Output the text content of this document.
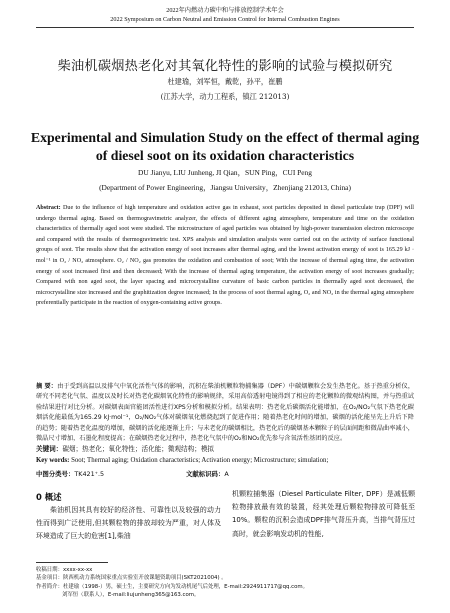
2022年内燃动力碳中和与排放控制学术年会
2022 Symposium on Carbon Neutral and Emission Control for Internal Combustion Engines
柴油机碳烟热老化对其氧化特性的影响的试验与模拟研究
杜建瑜，刘军恒，戴乾，孙平，崔鹏
(江苏大学，动力工程系，镇江 212013)
Experimental and Simulation Study on the effect of thermal aging of diesel soot on its oxidation characteristics
DU Jianyu, LIU Junheng, JI Qian，SUN Ping，CUI Peng
(Department of Power Engineering，Jiangsu University，Zhenjiang 212013, China)
Abstract: Due to the influence of high temperature and oxidation active gas in exhaust, soot particles deposited in diesel particulate trap (DPF) will undergo thermal aging. Based on thermogravimetric analyzer, the effects of different aging atmosphere, temperature and time on the oxidation characteristics of thermally aged soot were studied. The microstructure of aged particles was obtained by high-power transmission electron microscope and compared with the results of thermogravimetric test. XPS analysis and simulation analysis were carried out on the activity of surface functional groups of soot. The results show that the activation energy of soot increases after thermal aging, and the lowest activation energy of soot is 165.29 kJ · mol⁻¹ in O₂ / NO₂ atmosphere. O₂ / NO₂ gas promotes the oxidation and combustion of soot; With the increase of thermal aging time, the activation energy of soot increased first and then decreased; With the increase of thermal aging temperature, the activation energy of soot increases gradually; Compared with non aged soot, the layer spacing and microcrystalline curvature of basic carbon particles in thermally aged soot decreased, the microcrystalline size increased and the graphitization degree increased; In the process of soot thermal aging, O₂ and NO₂ in the thermal aging atmosphere preferentially participate in the reaction of oxygen-containing active groups.
摘 要：由于受到高温以及排气中氧化活性气体的影响，沉积在柴油机颗粒物捕集器（DPF）中碳烟颗粒会发生热老化。基于热重分析仪，研究不同老化气氛、温度以及时长对热老化碳烟氧化特性的影响规律，采用高倍透射电镜得到了相应的老化颗粒的微观结构图，并与热重试验结果进行对比分析。对碳烟表面官能团活性进行XPS分析和模拟分析。结果表明：热老化后碳烟活化能增加，在O₂/NO₂气氛下热老化碳烟活化能最低为165.29 kJ·mol⁻¹，O₂/NO₂气体对碳烟氧化燃烧起到了促进作用；随着热老化时间的增加，碳烟的活化能呈先上升后下降的趋势；随着热老化温度的增加，碳烟的活化能逐渐上升；与未老化的碳烟相比，热老化后的碳烟基本颗粒子的层面间距和微晶曲率减小，微晶尺寸增加，石墨化程度提高；在碳烟热老化过程中，热老化气氛中的O₂和NO₂优先参与含氧活性基团的反应。
关键词：碳烟；热老化；氧化特性；活化能；微观结构；模拟
Key words: Soot; Thermal aging; Oxidation characteristics; Activation energy; Microstructure; simulation;
中图分类号：TK421⁺.5	文献标识码：A
0 概述
柴油机因其具有较好的经济性、可靠性以及较强的动力性而得到广泛使用,但其颗粒物的排放却较为严重，对人体及环境造成了巨大的危害[1],柴油
机颗粒捕集器（Diesel Particulate Filter, DPF）是减低颗粒物排放最有效的装置，经其处理后颗粒物排放可降低至10%。颗粒的沉积会造成DPF排气背压升高，当排气背压过高时，就会影响发动机的性能,
收稿日期：xxxx-xx-xx
基金项目：陕西机动力系统国家重点实验室开放课题资助项目(SKT2021004) 。
作者简介：杜建瑜（1998-）男，硕士生，主要研究方向为发动机尾气后处理，E-mail:2924911717@qq.com。
刘军恒（联系人），E-mail:liujunheng365@163.com。
